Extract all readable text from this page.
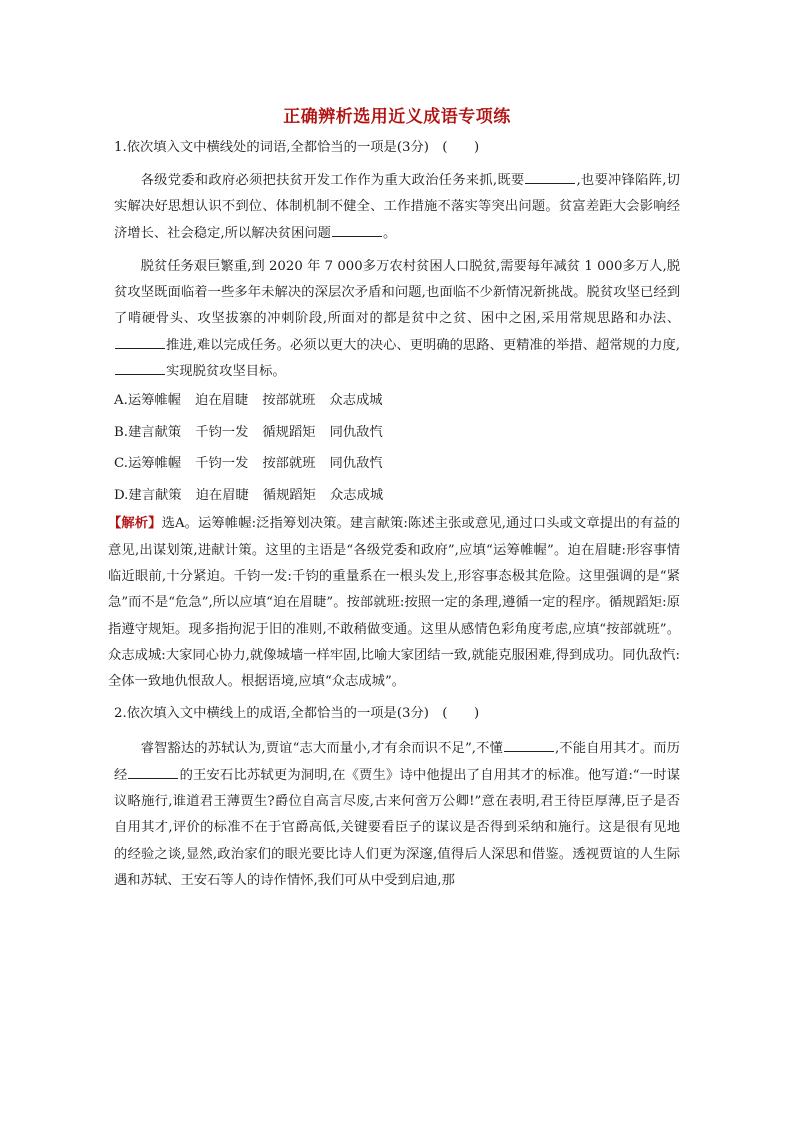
正确辨析选用近义成语专项练
1.依次填入文中横线处的词语,全都恰当的一项是(3分)　(　　)

各级党委和政府必须把扶贫开发工作作为重大政治任务来抓,既要	,也要冲锋陷阵,切实解决好思想认识不到位、体制机制不健全、工作措施不落实等突出问题。贫富差距大会影响经济增长、社会稳定,所以解决贫困问题	。

脱贫任务艰巨繁重,到 2020 年 7 000多万农村贫困人口脱贫,需要每年减贫 1 000多万人,脱贫攻坚既面临着一些多年未解决的深层次矛盾和问题,也面临不少新情况新挑战。脱贫攻坚已经到了啃硬骨头、攻坚拔寨的冲刺阶段,所面对的都是贫中之贫、困中之困,采用常规思路和办法、推进,难以完成任务。必须以更大的决心、更明确的思路、更精准的举措、超常规的力度,实现脱贫攻坚目标。

A.运筹帷幄 迫在眉睫 按部就班 众志成城
B.建言献策 千钧一发 循规蹈矩 同仇敌忾
C.运筹帷幄 千钧一发 按部就班 同仇敌忾
D.建言献策 迫在眉睫 循规蹈矩 众志成城

【解析】选A。运筹帷幄:泛指筹划决策。建言献策:陈述主张或意见,通过口头或文章提出的有益的意见,出谋划策,进献计策。这里的主语是“各级党委和政府”,应填“运筹帷幄”。迫在眉睫:形容事情临近眼前,十分紧迫。千钧一发:千钧的重量系在一根头发上,形容事态极其危险。这里强调的是“紧急”而不是“危急”,所以应填“迫在眉睫”。按部就班:按照一定的条理,遵循一定的程序。循规蹈矩:原指遵守规矩。现多指拘泥于旧的准则,不敢稍做变通。这里从感情色彩角度考虑,应填“按部就班”。众志成城:大家同心协力,就像城墙一样牢固,比喻大家团结一致,就能克服困难,得到成功。同仇敌忾:全体一致地仇恨敌人。根据语境,应填“众志成城”。

2.依次填入文中横线上的成语,全都恰当的一项是(3分)　(　　)

睿智豁达的苏轼认为,贾谊“志大而量小,才有余而识不足”,不懂	,不能自用其才。而历经	的王安石比苏轼更为洞明,在《贾生》诗中他提出了自用其才的标准。他写道:“一时谋议略施行,谁道君王薄贾生?爵位自高言尽废,古来何啻万公卿!”意在表明,君王待臣厚薄,臣子是否自用其才,评价的标准不在于官爵高低,关键要看臣子的谋议是否得到采纳和施行。这是很有见地的经验之谈,显然,政治家们的眼光要比诗人们更为深邃,值得后人深思和借鉴。透视贾谊的人生际遇和苏轼、王安石等人的诗作情怀,我们可从中受到启迪,那
